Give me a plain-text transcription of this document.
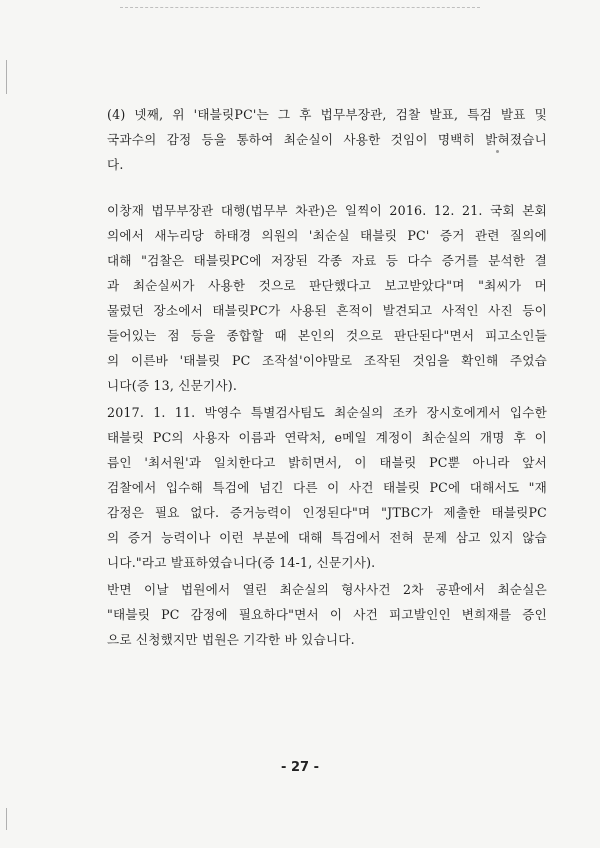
(4) 넷째, 위 '태블릿PC'는 그 후 법무부장관, 검찰 발표, 특검 발표 및
국과수의 감정 등을 통하여 최순실이 사용한 것임이 명백히 밝혀졌습니
다.
이창재 법무부장관 대행(법무부 차관)은 일찍이 2016. 12. 21. 국회 본회
의에서 새누리당 하태경 의원의 '최순실 태블릿 PC' 증거 관련 질의에
대해 "검찰은 태블릿PC에 저장된 각종 자료 등 다수 증거를 분석한 결
과 최순실씨가 사용한 것으로 판단했다고 보고받았다"며 "최씨가 머
물렀던 장소에서 태블릿PC가 사용된 흔적이 발견되고 사적인 사진 등이
들어있는 점 등을 종합할 때 본인의 것으로 판단된다"면서 피고소인들
의 이른바 '태블릿 PC 조작설'이야말로 조작된 것임을 확인해 주었습
니다(증 13, 신문기사).
2017. 1. 11. 박영수 특별검사팀도 최순실의 조카 장시호에게서 입수한
태블릿 PC의 사용자 이름과 연락처, e메일 계정이 최순실의 개명 후 이
름인 '최서원'과 일치한다고 밝히면서, 이 태블릿 PC뿐 아니라 앞서
검찰에서 입수해 특검에 넘긴 다른 이 사건 태블릿 PC에 대해서도 "재
감정은 필요 없다. 증거능력이 인정된다"며 "JTBC가 제출한 태블릿PC
의 증거 능력이나 이런 부분에 대해 특검에서 전혀 문제 삼고 있지 않습
니다."라고 발표하였습니다(증 14-1, 신문기사).
반면 이날 법원에서 열린 최순실의 형사사건 2차 공판에서 최순실은
"태블릿 PC 감정에 필요하다"면서 이 사건 피고발인인 변희재를 증인
으로 신청했지만 법원은 기각한 바 있습니다.
- 27 -
